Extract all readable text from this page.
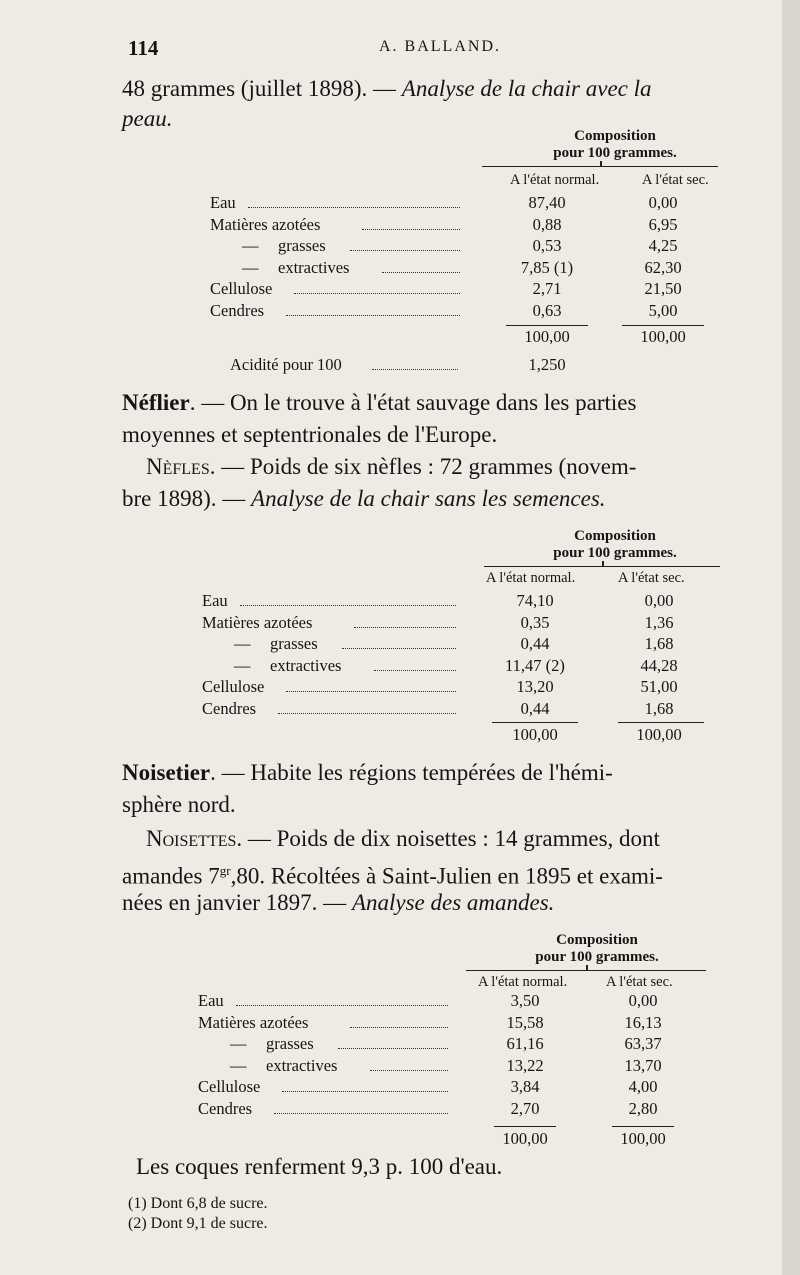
114	A. BALLAND.
48 grammes (juillet 1898). — Analyse de la chair avec la
peau.
Composition
pour 100 grammes.
A l'état normal.	A l'état sec.
Eau	87,40	0,00
Matières azotées	0,88	6,95
— grasses	0,53	4,25
— extractives	7,85 (1)	62,30
Cellulose	2,71	21,50
Cendres	0,63	5,00
100,00	100,00
Acidité pour 100	1,250
Néflier. — On le trouve à l'état sauvage dans les parties
moyennes et septentrionales de l'Europe.
Nèfles. — Poids de six nèfles : 72 grammes (novem-
bre 1898). — Analyse de la chair sans les semences.
Composition
pour 100 grammes.
A l'état normal.	A l'état sec.
Eau	74,10	0,00
Matières azotées	0,35	1,36
— grasses	0,44	1,68
— extractives	11,47 (2)	44,28
Cellulose	13,20	51,00
Cendres	0,44	1,68
100,00	100,00
Noisetier. — Habite les régions tempérées de l'hémi-
sphère nord.
Noisettes. — Poids de dix noisettes : 14 grammes, dont
amandes $7^{gr},80$. Récoltées à Saint-Julien en 1895 et exami-
nées en janvier 1897. — Analyse des amandes.
Composition
pour 100 grammes.
A l'état normal.	A l'état sec.
Eau	3,50	0,00
Matières azotées	15,58	16,13
— grasses	61,16	63,37
— extractives	13,22	13,70
Cellulose	3,84	4,00
Cendres	2,70	2,80
100,00	100,00
Les coques renferment 9,3 p. 100 d'eau.
(1) Dont 6,8 de sucre.
(2) Dont 9,1 de sucre.
